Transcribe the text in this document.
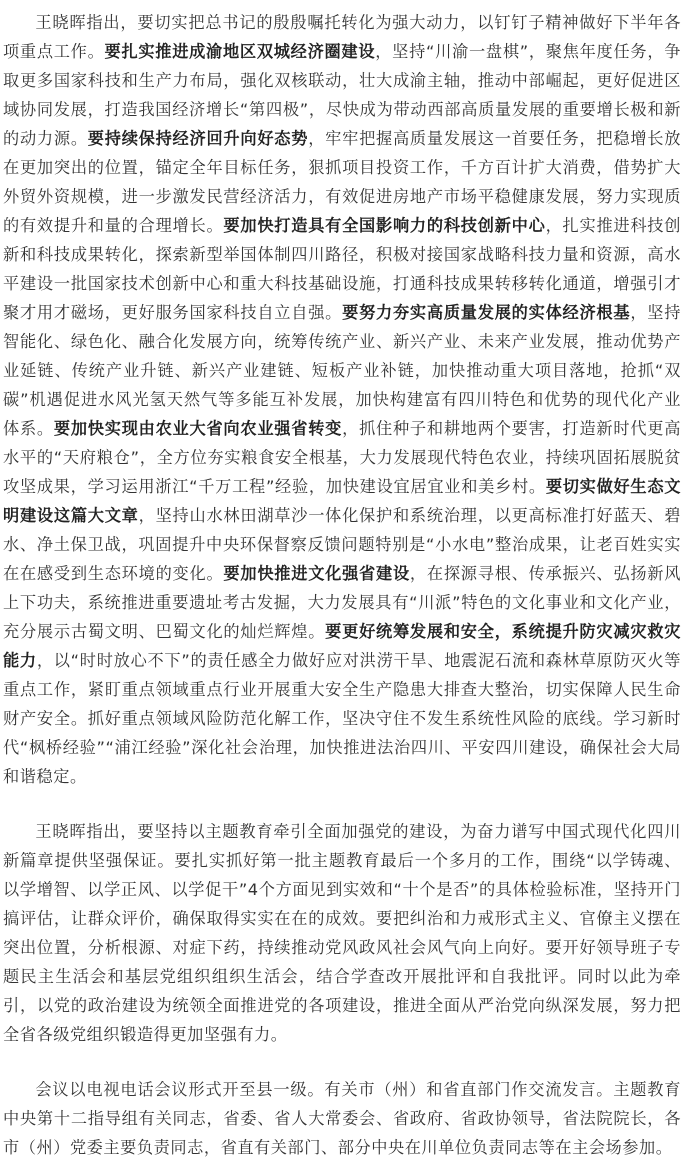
王晓晖指出，要切实把总书记的殷殷嘱托转化为强大动力，以钉钉子精神做好下半年各项重点工作。要扎实推进成渝地区双城经济圈建设，坚持“川渝一盘棋”，聚焦年度任务，争取更多国家科技和生产力布局，强化双核联动，壮大成渝主轴，推动中部崛起，更好促进区域协同发展，打造我国经济增长“第四极”，尽快成为带动西部高质量发展的重要增长极和新的动力源。要持续保持经济回升向好态势，牢牢把握高质量发展这一首要任务，把稳增长放在更加突出的位置，锚定全年目标任务，狠抓项目投资工作，千方百计扩大消费，借势扩大外贸外资规模，进一步激发民营经济活力，有效促进房地产市场平稳健康发展，努力实现质的有效提升和量的合理增长。要加快打造具有全国影响力的科技创新中心，扎实推进科技创新和科技成果转化，探索新型举国体制四川路径，积极对接国家战略科技力量和资源，高水平建设一批国家技术创新中心和重大科技基础设施，打通科技成果转移转化通道，增强引才聚才用才磁场，更好服务国家科技自立自强。要努力夯实高质量发展的实体经济根基，坚持智能化、绿色化、融合化发展方向，统筹传统产业、新兴产业、未来产业发展，推动优势产业延链、传统产业升链、新兴产业建链、短板产业补链，加快推动重大项目落地，抢抓“双碳”机遇促进水风光氢天然气等多能互补发展，加快构建富有四川特色和优势的现代化产业体系。要加快实现由农业大省向农业强省转变，抓住种子和耕地两个要害，打造新时代更高水平的“天府粮仓”，全方位夯实粮食安全根基，大力发展现代特色农业，持续巩固拓展脱贫攻坚成果，学习运用浙江“千万工程”经验，加快建设宜居宜业和美乡村。要切实做好生态文明建设这篇大文章，坚持山水林田湖草沙一体化保护和系统治理，以更高标准打好蓝天、碧水、净土保卫战，巩固提升中央环保督察反馈问题特别是“小水电”整治成果，让老百姓实实在在感受到生态环境的变化。要加快推进文化强省建设，在探源寻根、传承振兴、弘扬新风上下功夫，系统推进重要遗址考古发掘，大力发展具有“川派”特色的文化事业和文化产业，充分展示古蜀文明、巴蜀文化的灿烂辉煌。要更好统筹发展和安全，系统提升防灾减灾救灾能力，以“时时放心不下”的责任感全力做好应对洪涝干旱、地震泥石流和森林草原防灭火等重点工作，紧盯重点领域重点行业开展重大安全生产隐患大排查大整治，切实保障人民生命财产安全。抓好重点领域风险防范化解工作，坚决守住不发生系统性风险的底线。学习新时代“枫桥经验”“浦江经验”深化社会治理，加快推进法治四川、平安四川建设，确保社会大局和谐稳定。

王晓晖指出，要坚持以主题教育牵引全面加强党的建设，为奋力谱写中国式现代化四川新篇章提供坚强保证。要扎实抓好第一批主题教育最后一个多月的工作，围绕“以学铸魂、以学增智、以学正风、以学促干”4个方面见到实效和“十个是否”的具体检验标准，坚持开门搞评估，让群众评价，确保取得实实在在的成效。要把纠治和力戒形式主义、官僚主义摆在突出位置，分析根源、对症下药，持续推动党风政风社会风气向上向好。要开好领导班子专题民主生活会和基层党组织组织生活会，结合学查改开展批评和自我批评。同时以此为牵引，以党的政治建设为统领全面推进党的各项建设，推进全面从严治党向纵深发展，努力把全省各级党组织锻造得更加坚强有力。

会议以电视电话会议形式开至县一级。有关市（州）和省直部门作交流发言。主题教育中央第十二指导组有关同志，省委、省人大常委会、省政府、省政协领导，省法院院长，各市（州）党委主要负责同志，省直有关部门、部分中央在川单位负责同志等在主会场参加。
